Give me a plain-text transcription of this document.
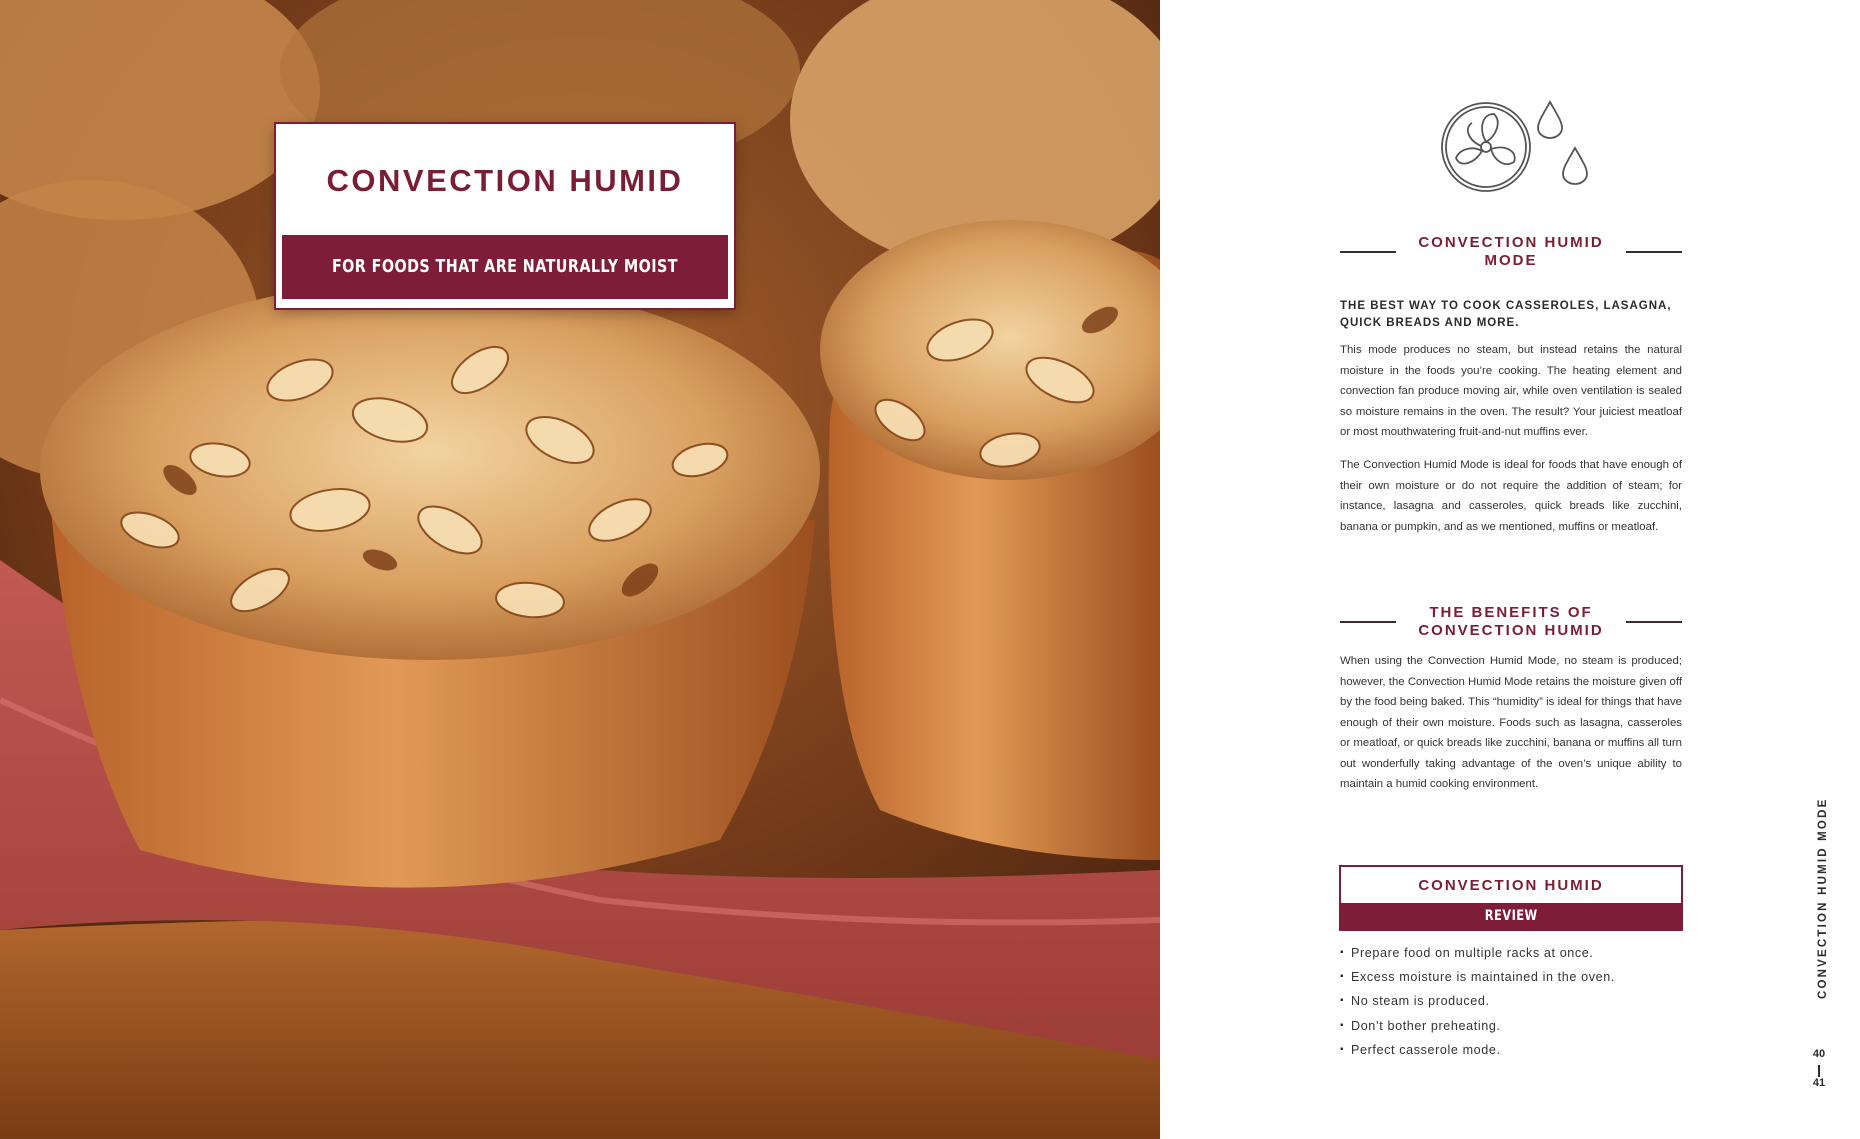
CONVECTION HUMID
FOR FOODS THAT ARE NATURALLY MOIST
CONVECTION HUMID
MODE
THE BEST WAY TO COOK CASSEROLES, LASAGNA,
QUICK BREADS AND MORE.

This mode produces no steam, but instead retains the natural moisture in the foods you’re cooking. The heating element and convection fan produce moving air, while oven ventilation is sealed so moisture remains in the oven. The result? Your juiciest meatloaf or most mouthwatering fruit-and-nut muffins ever.

The Convection Humid Mode is ideal for foods that have enough of their own moisture or do not require the addition of steam; for instance, lasagna and casseroles, quick breads like zucchini, banana or pumpkin, and as we mentioned, muffins or meatloaf.

THE BENEFITS OF
CONVECTION HUMID

When using the Convection Humid Mode, no steam is produced; however, the Convection Humid Mode retains the moisture given off by the food being baked. This “humidity” is ideal for things that have enough of their own moisture. Foods such as lasagna, casseroles or meatloaf, or quick breads like zucchini, banana or muffins all turn out wonderfully taking advantage of the oven’s unique ability to maintain a humid cooking environment.

CONVECTION HUMID
REVIEW
▪ Prepare food on multiple racks at once.
▪ Excess moisture is maintained in the oven.
▪ No steam is produced.
▪ Don’t bother preheating.
▪ Perfect casserole mode.
CONVECTION HUMID MODE
40
41
